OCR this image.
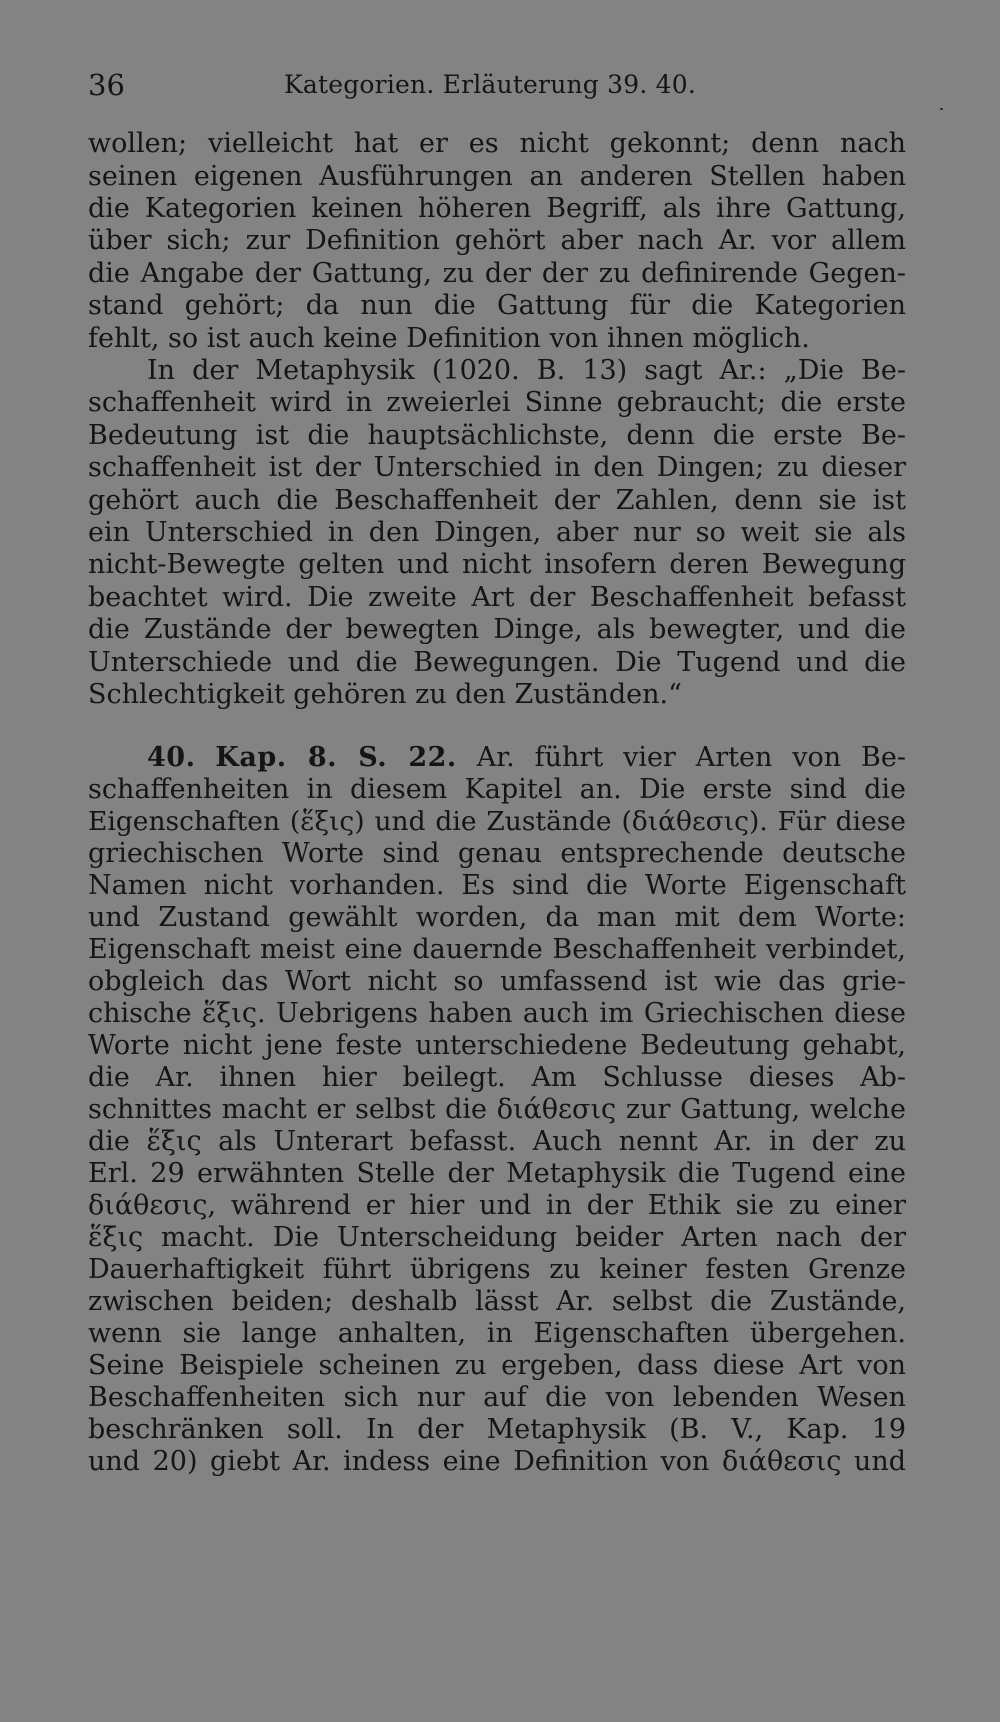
36	Kategorien. Erläuterung 39. 40.
wollen; vielleicht hat er es nicht gekonnt; denn nach
seinen eigenen Ausführungen an anderen Stellen haben
die Kategorien keinen höheren Begriff, als ihre Gattung,
über sich; zur Definition gehört aber nach Ar. vor allem
die Angabe der Gattung, zu der der zu definirende Gegen-
stand gehört; da nun die Gattung für die Kategorien
fehlt, so ist auch keine Definition von ihnen möglich.
In der Metaphysik (1020. B. 13) sagt Ar.: „Die Be-
schaffenheit wird in zweierlei Sinne gebraucht; die erste
Bedeutung ist die hauptsächlichste, denn die erste Be-
schaffenheit ist der Unterschied in den Dingen; zu dieser
gehört auch die Beschaffenheit der Zahlen, denn sie ist
ein Unterschied in den Dingen, aber nur so weit sie als
nicht-Bewegte gelten und nicht insofern deren Bewegung
beachtet wird. Die zweite Art der Beschaffenheit befasst
die Zustände der bewegten Dinge, als bewegter, und die
Unterschiede und die Bewegungen. Die Tugend und die
Schlechtigkeit gehören zu den Zuständen.“
40. Kap. 8. S. 22. Ar. führt vier Arten von Be-
schaffenheiten in diesem Kapitel an. Die erste sind die
Eigenschaften (ἕξις) und die Zustände (διάθεσις). Für diese
griechischen Worte sind genau entsprechende deutsche
Namen nicht vorhanden. Es sind die Worte Eigenschaft
und Zustand gewählt worden, da man mit dem Worte:
Eigenschaft meist eine dauernde Beschaffenheit verbindet,
obgleich das Wort nicht so umfassend ist wie das grie-
chische ἕξις. Uebrigens haben auch im Griechischen diese
Worte nicht jene feste unterschiedene Bedeutung gehabt,
die Ar. ihnen hier beilegt. Am Schlusse dieses Ab-
schnittes macht er selbst die διάθεσις zur Gattung, welche
die ἕξις als Unterart befasst. Auch nennt Ar. in der zu
Erl. 29 erwähnten Stelle der Metaphysik die Tugend eine
διάθεσις, während er hier und in der Ethik sie zu einer
ἕξις macht. Die Unterscheidung beider Arten nach der
Dauerhaftigkeit führt übrigens zu keiner festen Grenze
zwischen beiden; deshalb lässt Ar. selbst die Zustände,
wenn sie lange anhalten, in Eigenschaften übergehen.
Seine Beispiele scheinen zu ergeben, dass diese Art von
Beschaffenheiten sich nur auf die von lebenden Wesen
beschränken soll. In der Metaphysik (B. V., Kap. 19
und 20) giebt Ar. indess eine Definition von διάθεσις und
